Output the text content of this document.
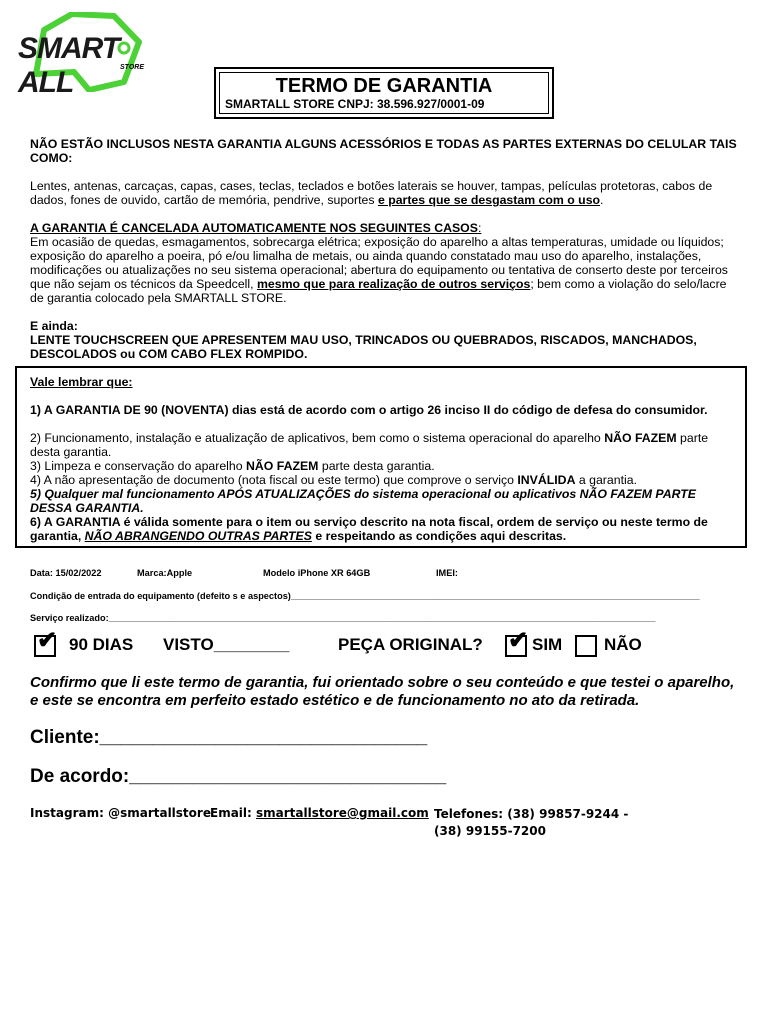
SMART ALL	STORE
TERMO DE GARANTIA
SMARTALL STORE CNPJ: 38.596.927/0001-09
NÃO ESTÃO INCLUSOS NESTA GARANTIA ALGUNS ACESSÓRIOS E TODAS AS PARTES EXTERNAS DO CELULAR TAIS COMO:
Lentes, antenas, carcaças, capas, cases, teclas, teclados e botões laterais se houver, tampas, películas protetoras, cabos de dados, fones de ouvido, cartão de memória, pendrive, suportes e partes que se desgastam com o uso.
A GARANTIA É CANCELADA AUTOMATICAMENTE NOS SEGUINTES CASOS:
Em ocasião de quedas, esmagamentos, sobrecarga elétrica; exposição do aparelho a altas temperaturas, umidade ou líquidos; exposição do aparelho a poeira, pó e/ou limalha de metais, ou ainda quando constatado mau uso do aparelho, instalações, modificações ou atualizações no seu sistema operacional; abertura do equipamento ou tentativa de conserto deste por terceiros que não sejam os técnicos da Speedcell, mesmo que para realização de outros serviços; bem como a violação do selo/lacre de garantia colocado pela SMARTALL STORE.
E ainda:
LENTE TOUCHSCREEN QUE APRESENTEM MAU USO, TRINCADOS OU QUEBRADOS, RISCADOS, MANCHADOS, DESCOLADOS ou COM CABO FLEX ROMPIDO.
Vale lembrar que:
1) A GARANTIA DE 90 (NOVENTA) dias está de acordo com o artigo 26 inciso II do código de defesa do consumidor.
2) Funcionamento, instalação e atualização de aplicativos, bem como o sistema operacional do aparelho NÃO FAZEM parte desta garantia.
3) Limpeza e conservação do aparelho NÃO FAZEM parte desta garantia.
4) A não apresentação de documento (nota fiscal ou este termo) que comprove o serviço INVÁLIDA a garantia.
5) Qualquer mal funcionamento APÓS ATUALIZAÇÕES do sistema operacional ou aplicativos NÃO FAZEM PARTE DESSA GARANTIA.
6) A GARANTIA é válida somente para o item ou serviço descrito na nota fiscal, ordem de serviço ou neste termo de garantia, NÃO ABRANGENDO OUTRAS PARTES e respeitando as condições aqui descritas.
Data: 15/02/2022	Marca:Apple	Modelo iPhone XR 64GB	IMEI:
Condição de entrada do equipamento (defeito s e aspectos)________________________________________________________________________________
Serviço realizado:___________________________________________________________________________________________________________
✔ 90 DIAS VISTO________	PEÇA ORIGINAL? ✔ SIM NÃO
Confirmo que li este termo de garantia, fui orientado sobre o seu conteúdo e que testei o aparelho, e este se encontra em perfeito estado estético e de funcionamento no ato da retirada.
Cliente:_______________________________
De acordo:______________________________
Instagram: @smartallstore Email: smartallstore@gmail.com Telefones: (38) 99857-9244 - (38) 99155-7200
